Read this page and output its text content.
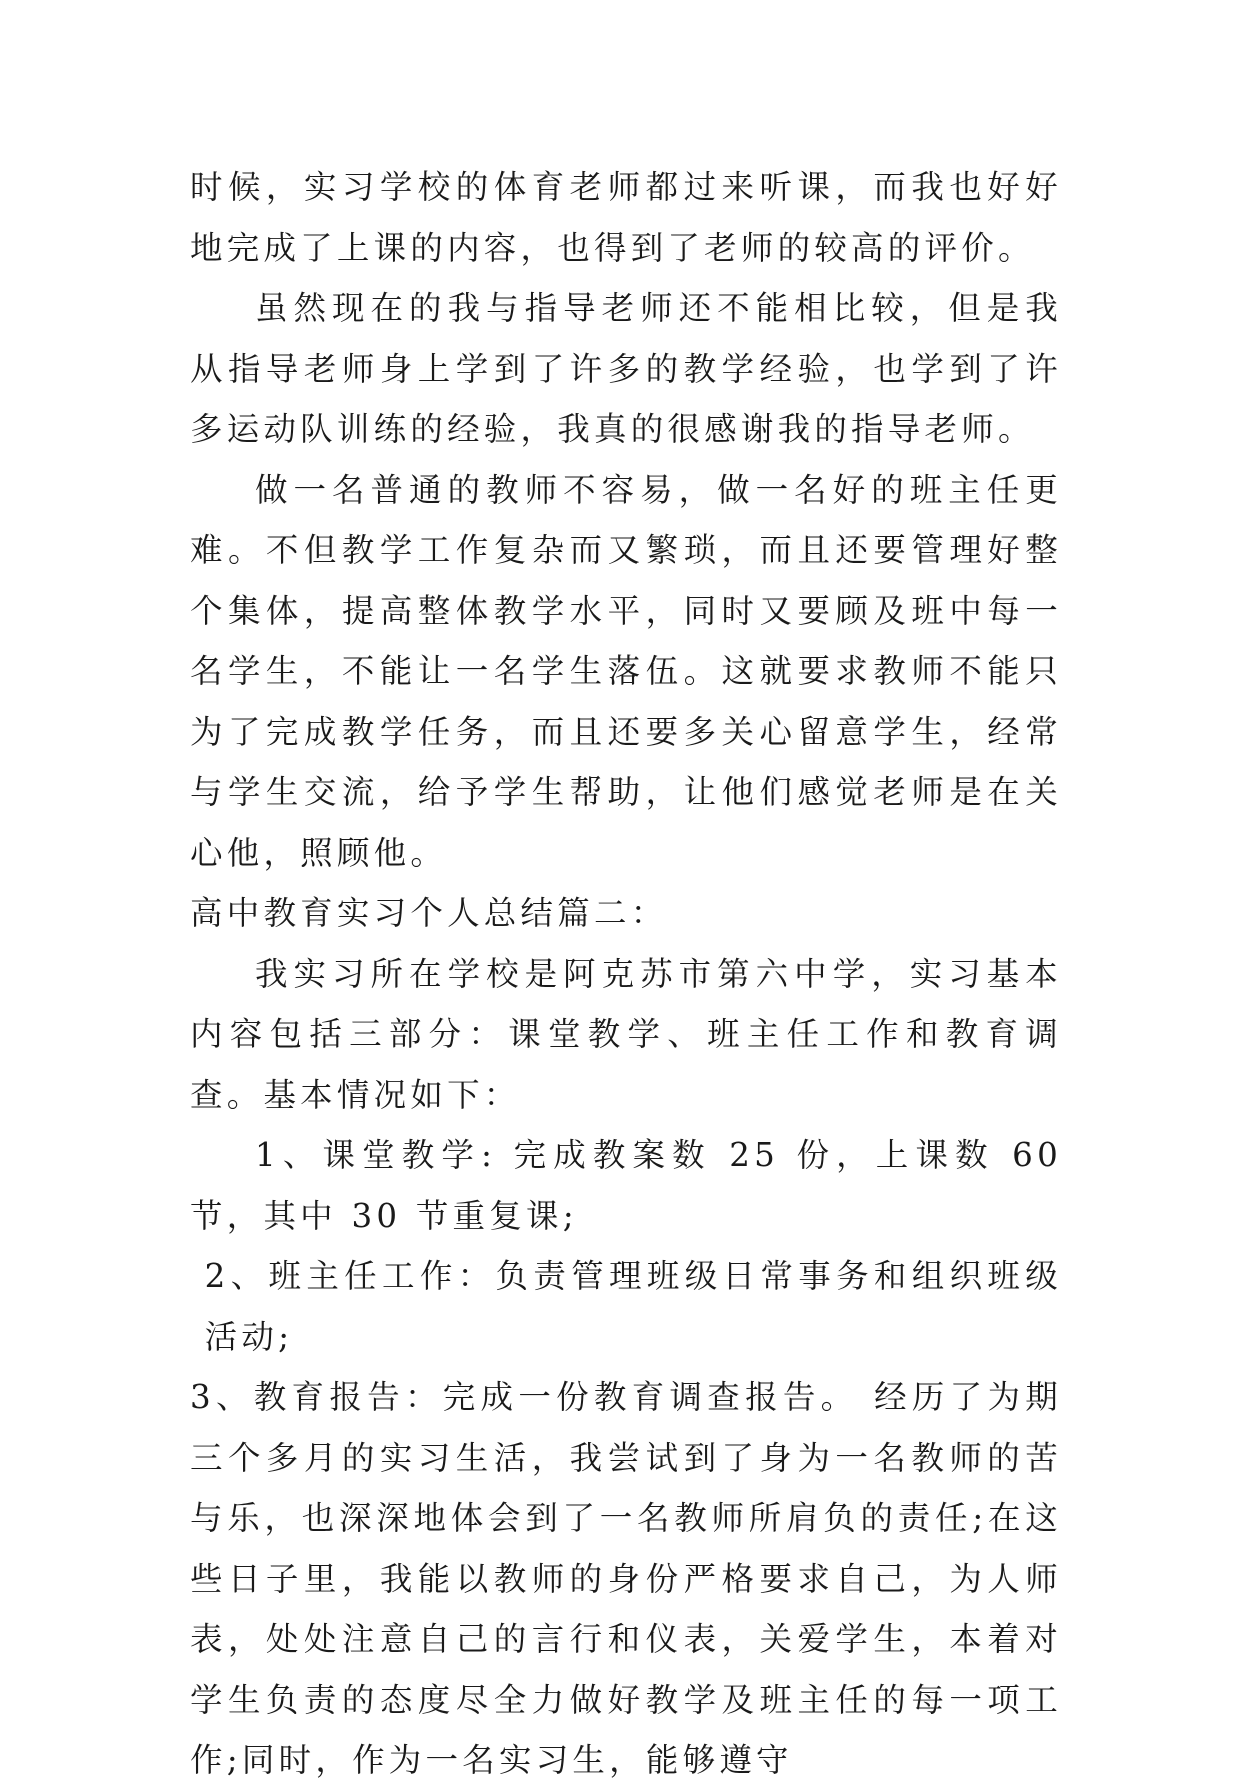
时候，实习学校的体育老师都过来听课，而我也好好地完成了上课的内容，也得到了老师的较高的评价。

虽然现在的我与指导老师还不能相比较，但是我从指导老师身上学到了许多的教学经验，也学到了许多运动队训练的经验，我真的很感谢我的指导老师。

做一名普通的教师不容易，做一名好的班主任更难。不但教学工作复杂而又繁琐，而且还要管理好整个集体，提高整体教学水平，同时又要顾及班中每一名学生，不能让一名学生落伍。这就要求教师不能只为了完成教学任务，而且还要多关心留意学生，经常与学生交流，给予学生帮助，让他们感觉老师是在关心他，照顾他。

高中教育实习个人总结篇二：

我实习所在学校是阿克苏市第六中学，实习基本内容包括三部分：课堂教学、班主任工作和教育调查。基本情况如下：

1、课堂教学: 完成教案数 25 份，上课数 60 节，其中 30 节重复课;

2、班主任工作：负责管理班级日常事务和组织班级活动;

3、教育报告：完成一份教育调查报告。 经历了为期三个多月的实习生活，我尝试到了身为一名教师的苦与乐，也深深地体会到了一名教师所肩负的责任;在这些日子里，我能以教师的身份严格要求自己，为人师表，处处注意自己的言行和仪表，关爱学生，本着对学生负责的态度尽全力做好教学及班主任的每一项工作;同时，作为一名实习生，能够遵守
